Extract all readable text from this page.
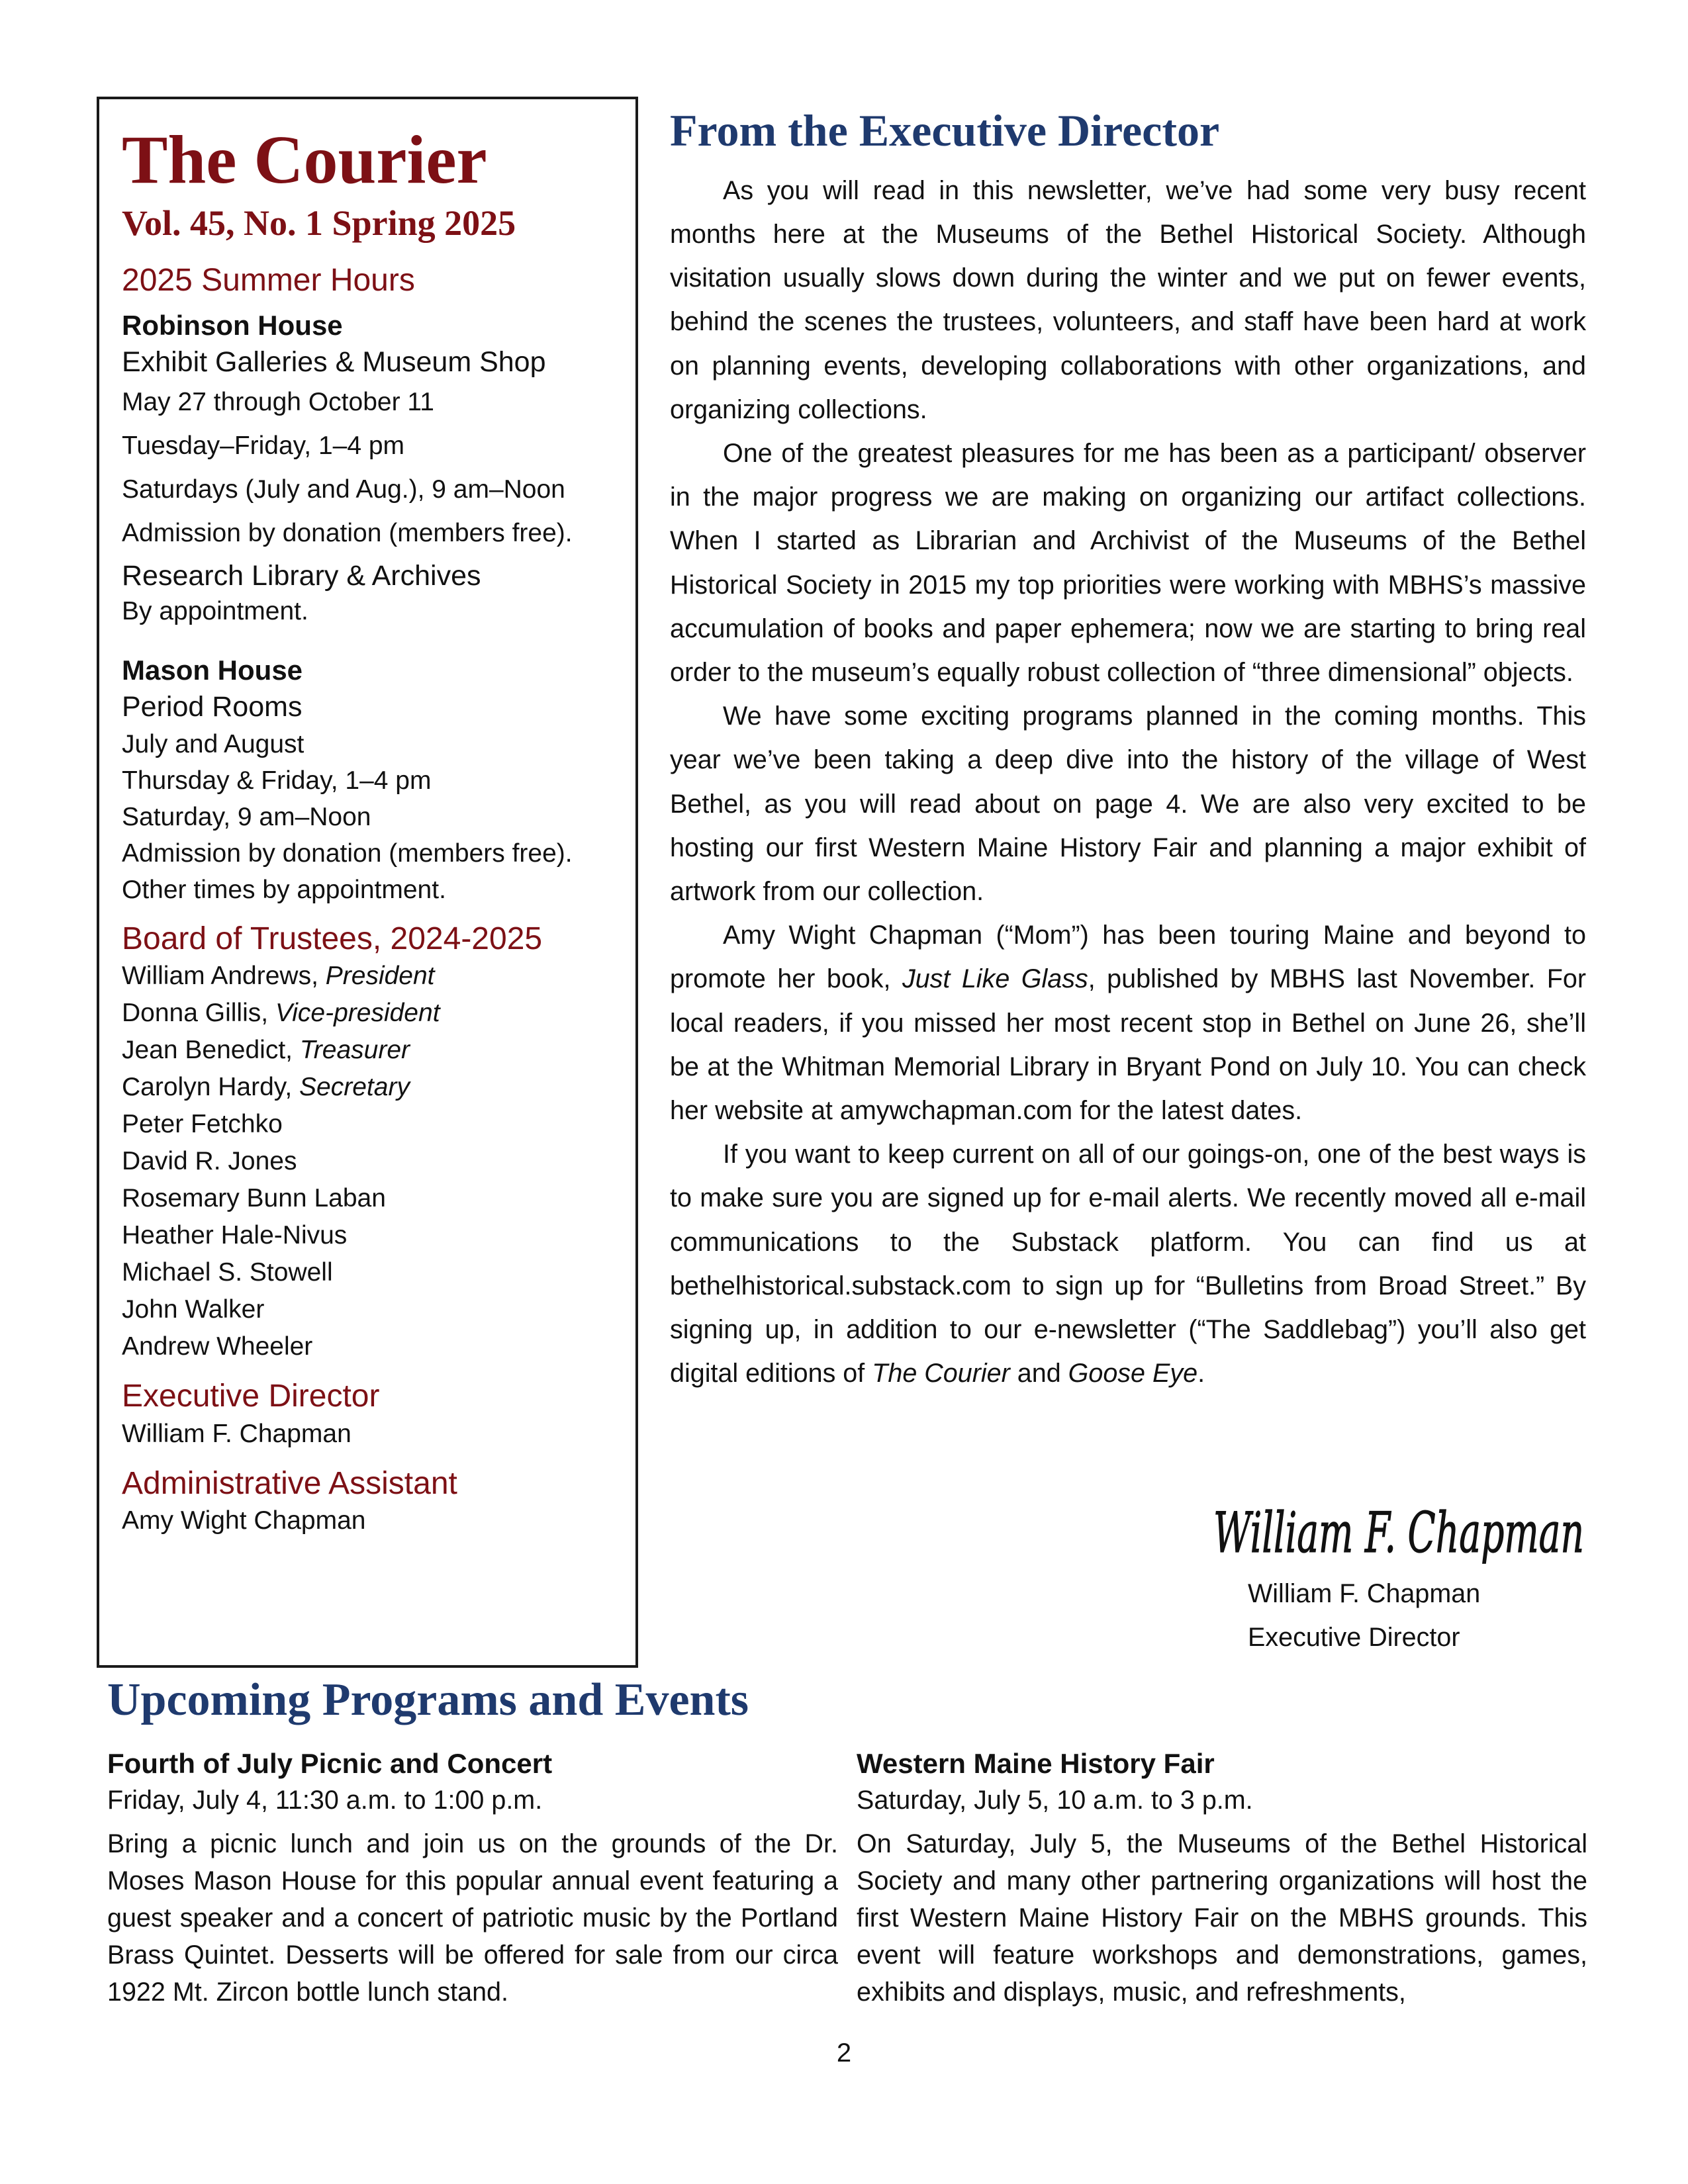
The Courier
Vol. 45, No. 1 Spring 2025
2025 Summer Hours
Robinson House
Exhibit Galleries & Museum Shop
May 27 through October 11
Tuesday–Friday, 1–4 pm
Saturdays (July and Aug.), 9 am–Noon
Admission by donation (members free).
Research Library & Archives
By appointment.
Mason House
Period Rooms
July and August
Thursday & Friday, 1–4 pm
Saturday, 9 am–Noon
Admission by donation (members free).
Other times by appointment.
Board of Trustees, 2024-2025
William Andrews, President
Donna Gillis, Vice-president
Jean Benedict, Treasurer
Carolyn Hardy, Secretary
Peter Fetchko
David R. Jones
Rosemary Bunn Laban
Heather Hale-Nivus
Michael S. Stowell
John Walker
Andrew Wheeler
Executive Director
William F. Chapman
Administrative Assistant
Amy Wight Chapman
From the Executive Director

As you will read in this newsletter, we’ve had some very busy recent months here at the Museums of the Bethel Historical Society. Although visitation usually slows down during the winter and we put on fewer events, behind the scenes the trustees, volunteers, and staff have been hard at work on planning events, developing collaborations with other organizations, and organizing collections.

One of the greatest pleasures for me has been as a participant/ observer in the major progress we are making on organizing our artifact collections. When I started as Librarian and Archivist of the Museums of the Bethel Historical Society in 2015 my top priorities were working with MBHS’s massive accumulation of books and paper ephemera; now we are starting to bring real order to the museum’s equally robust collection of “three dimensional” objects.

We have some exciting programs planned in the coming months. This year we’ve been taking a deep dive into the history of the village of West Bethel, as you will read about on page 4. We are also very excited to be hosting our first Western Maine History Fair and planning a major exhibit of artwork from our collection.

Amy Wight Chapman (“Mom”) has been touring Maine and beyond to promote her book, Just Like Glass, published by MBHS last November. For local readers, if you missed her most recent stop in Bethel on June 26, she’ll be at the Whitman Memorial Library in Bryant Pond on July 10. You can check her website at amywchapman.com for the latest dates.

If you want to keep current on all of our goings-on, one of the best ways is to make sure you are signed up for e-mail alerts. We recently moved all e-mail communications to the Substack platform. You can find us at bethelhistorical.substack.com to sign up for “Bulletins from Broad Street.” By signing up, in addition to our e-newsletter (“The Saddlebag”) you’ll also get digital editions of The Courier and Goose Eye.

William F. Chapman
William F. Chapman
Executive Director
Upcoming Programs and Events
Fourth of July Picnic and Concert
Friday, July 4, 11:30 a.m. to 1:00 p.m.
Bring a picnic lunch and join us on the grounds of the Dr. Moses Mason House for this popular annual event featuring a guest speaker and a concert of patriotic music by the Portland Brass Quintet. Desserts will be offered for sale from our circa 1922 Mt. Zircon bottle lunch stand.
Western Maine History Fair
Saturday, July 5, 10 a.m. to 3 p.m.
On Saturday, July 5, the Museums of the Bethel Historical Society and many other partnering organizations will host the first Western Maine History Fair on the MBHS grounds. This event will feature workshops and demonstrations, games, exhibits and displays, music, and refreshments,
2
